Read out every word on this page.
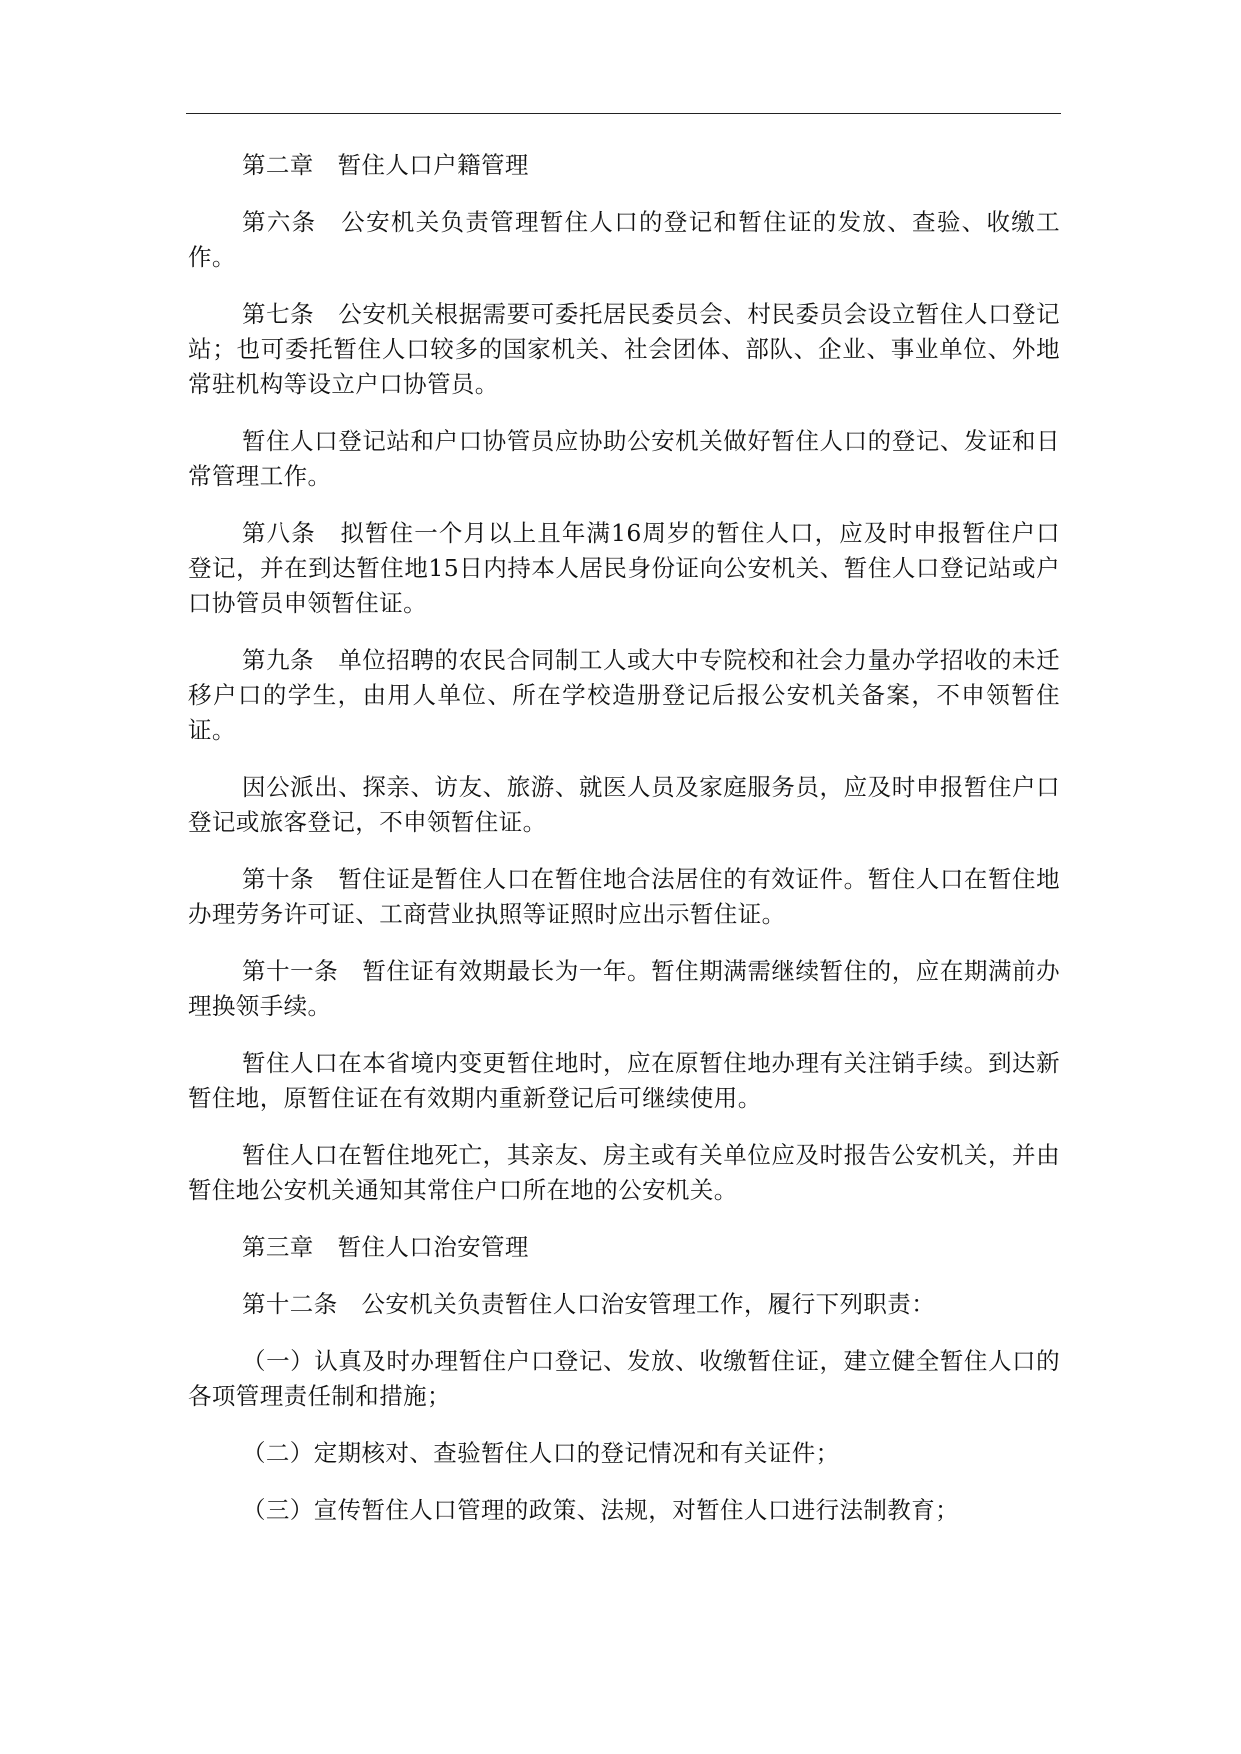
第二章　暂住人口户籍管理

第六条　公安机关负责管理暂住人口的登记和暂住证的发放、查验、收缴工作。

第七条　公安机关根据需要可委托居民委员会、村民委员会设立暂住人口登记站；也可委托暂住人口较多的国家机关、社会团体、部队、企业、事业单位、外地常驻机构等设立户口协管员。

暂住人口登记站和户口协管员应协助公安机关做好暂住人口的登记、发证和日常管理工作。

第八条　拟暂住一个月以上且年满16周岁的暂住人口，应及时申报暂住户口登记，并在到达暂住地15日内持本人居民身份证向公安机关、暂住人口登记站或户口协管员申领暂住证。

第九条　单位招聘的农民合同制工人或大中专院校和社会力量办学招收的未迁移户口的学生，由用人单位、所在学校造册登记后报公安机关备案，不申领暂住证。

因公派出、探亲、访友、旅游、就医人员及家庭服务员，应及时申报暂住户口登记或旅客登记，不申领暂住证。

第十条　暂住证是暂住人口在暂住地合法居住的有效证件。暂住人口在暂住地办理劳务许可证、工商营业执照等证照时应出示暂住证。

第十一条　暂住证有效期最长为一年。暂住期满需继续暂住的，应在期满前办理换领手续。

暂住人口在本省境内变更暂住地时，应在原暂住地办理有关注销手续。到达新暂住地，原暂住证在有效期内重新登记后可继续使用。

暂住人口在暂住地死亡，其亲友、房主或有关单位应及时报告公安机关，并由暂住地公安机关通知其常住户口所在地的公安机关。

第三章　暂住人口治安管理

第十二条　公安机关负责暂住人口治安管理工作，履行下列职责：

（一）认真及时办理暂住户口登记、发放、收缴暂住证，建立健全暂住人口的各项管理责任制和措施；

（二）定期核对、查验暂住人口的登记情况和有关证件；

（三）宣传暂住人口管理的政策、法规，对暂住人口进行法制教育；
